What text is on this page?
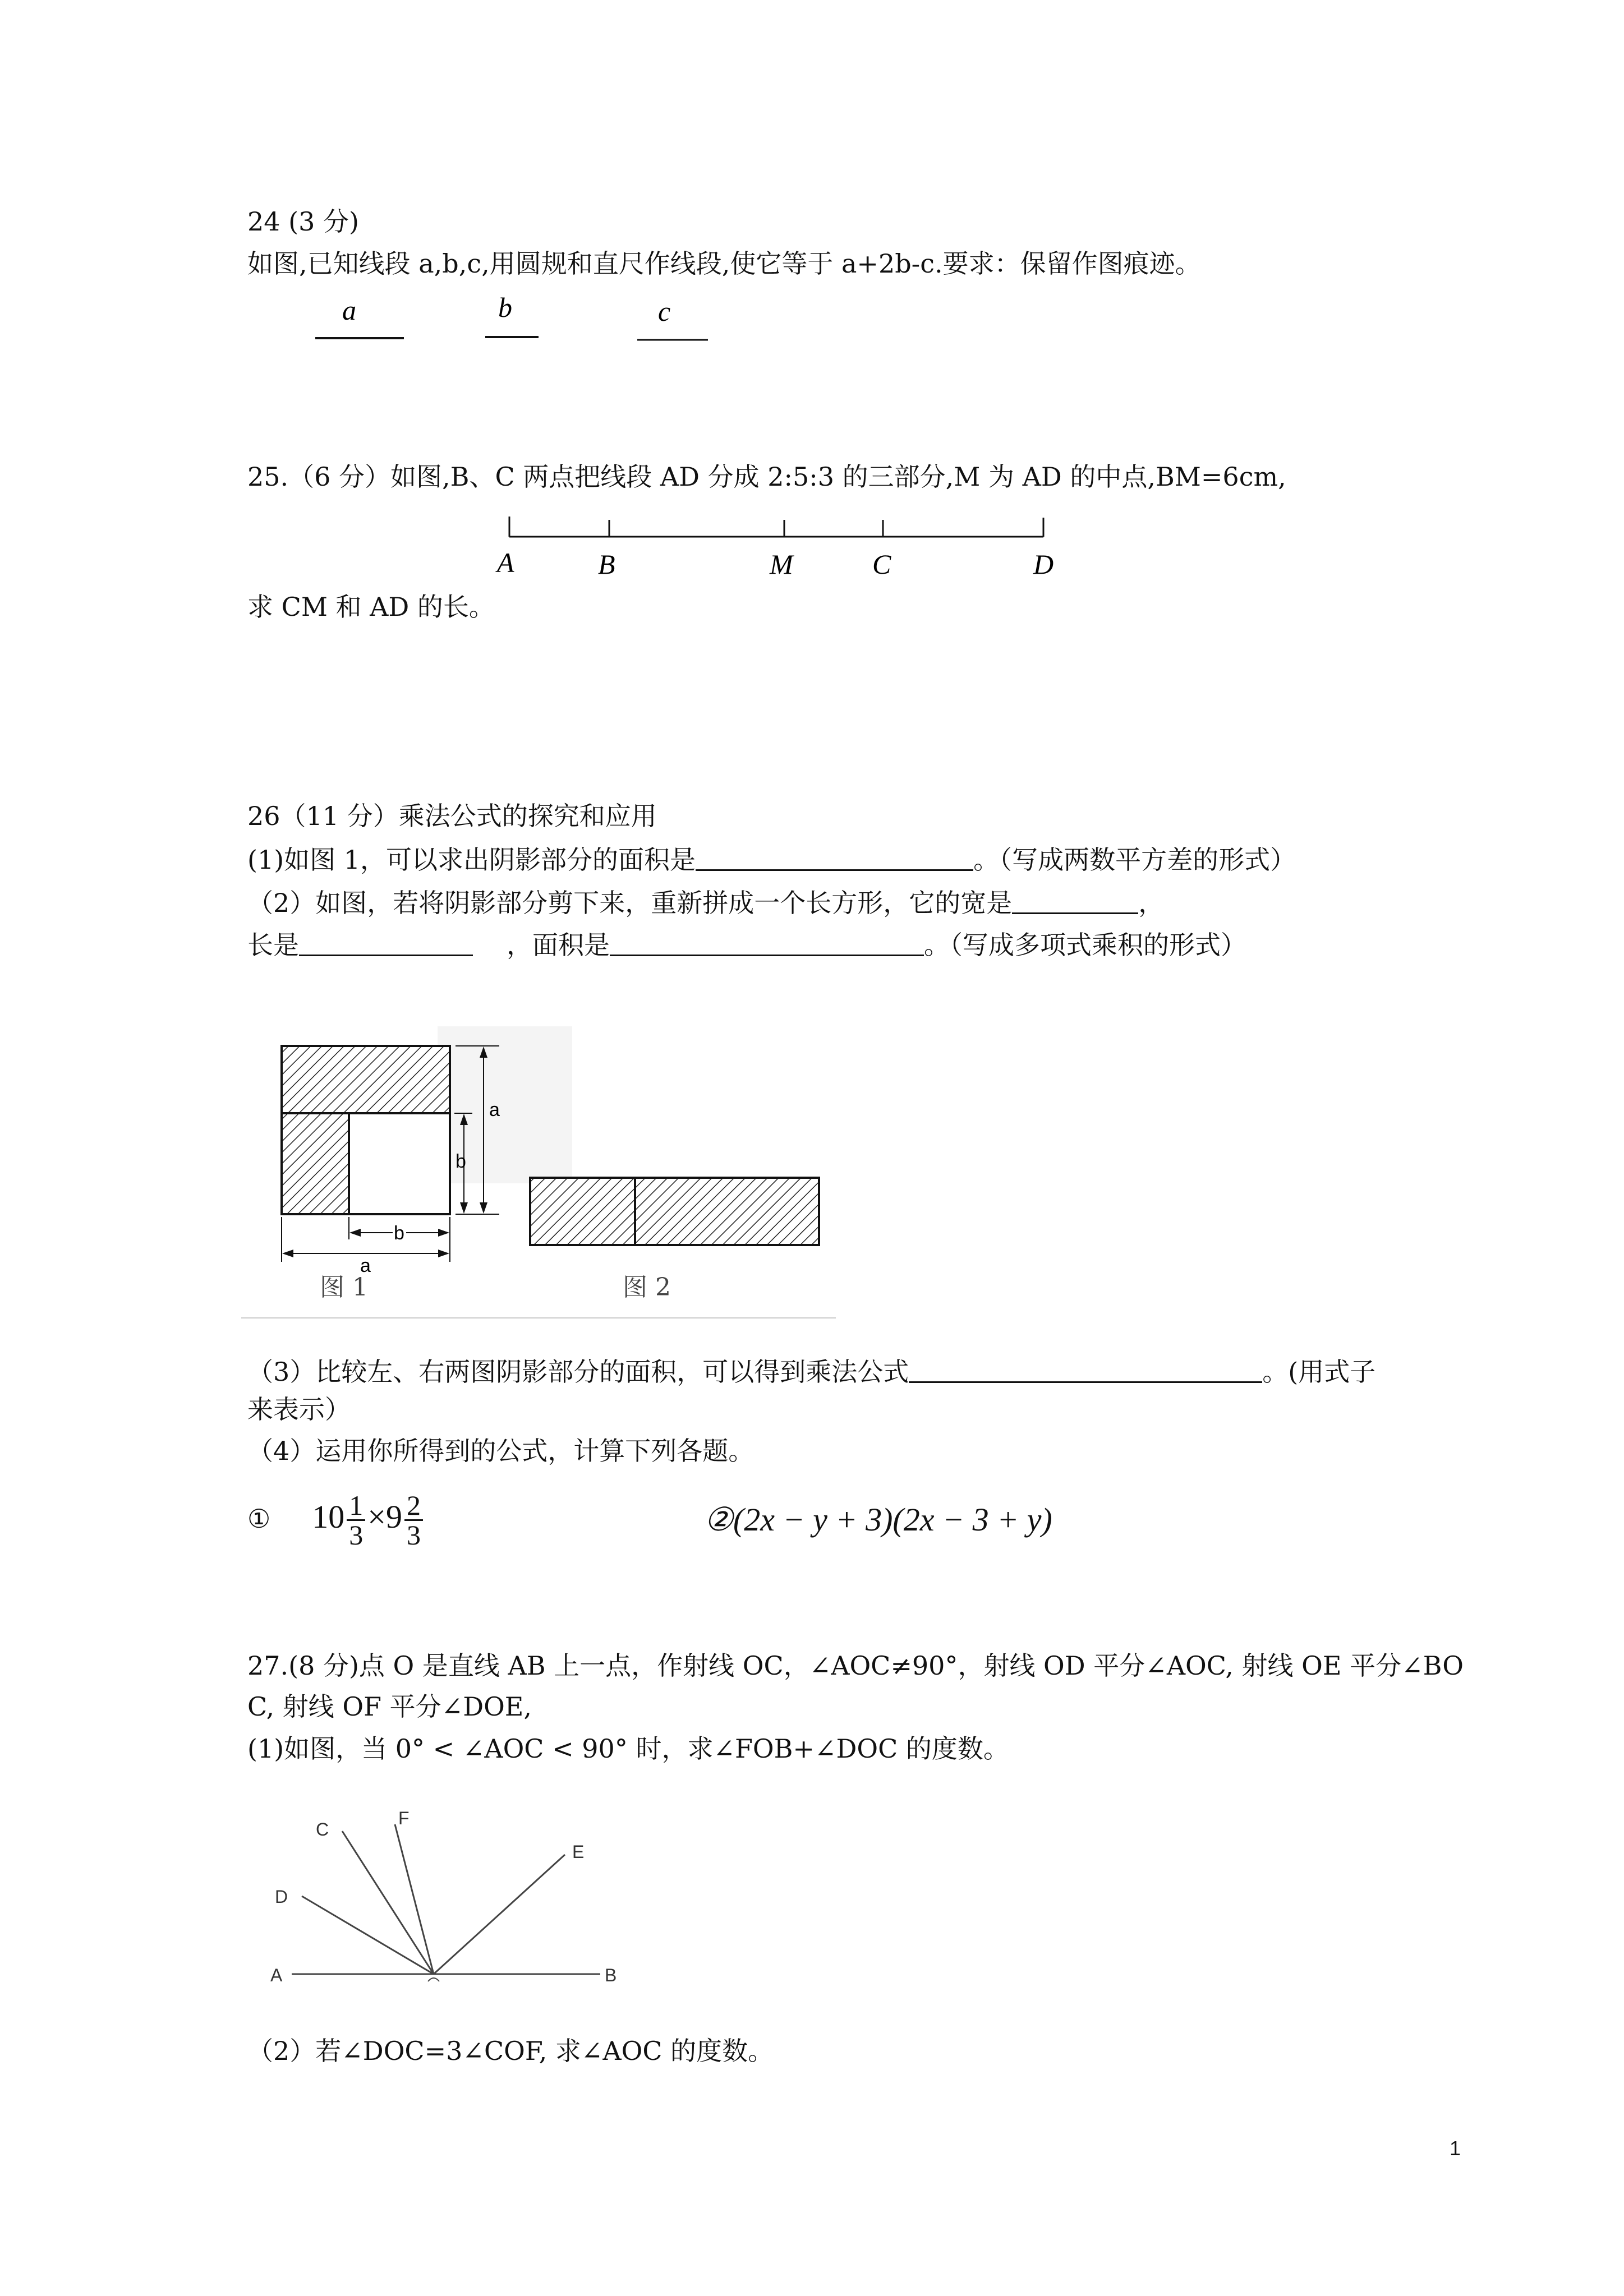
24 (3 分)
如图,已知线段 a,b,c,用圆规和直尺作线段,使它等于 a+2b-c.要求：保留作图痕迹。
a	b	c
25.（6 分）如图,B、C 两点把线段 AD 分成 2:5:3 的三部分,M 为 AD 的中点,BM=6cm,
A	B	M	C	D
求 CM 和 AD 的长。
26（11 分）乘法公式的探究和应用
(1)如图 1，可以求出阴影部分的面积是	。（写成两数平方差的形式）
（2）如图，若将阴影部分剪下来，重新拼成一个长方形，它的宽是	，
长是	，面积是	。（写成多项式乘积的形式）
a
b
b
a
图 1	图 2
（3）比较左、右两图阴影部分的面积，可以得到乘法公式	。(用式子
来表示）
（4）运用你所得到的公式，计算下列各题。
① $10 \frac{1}{3} \times 9 \frac{2}{3}$	②(2x − y + 3)(2x − 3 + y)
27.(8 分)点 O 是直线 AB 上一点，作射线 OC，∠AOC≠90°，射线 OD 平分∠AOC, 射线 OE 平分∠BO
C, 射线 OF 平分∠DOE,
(1)如图，当 0° < ∠AOC < 90° 时，求∠FOB+∠DOC 的度数。
C
F
E
D
A	B
（2）若∠DOC=3∠COF, 求∠AOC 的度数。
1
